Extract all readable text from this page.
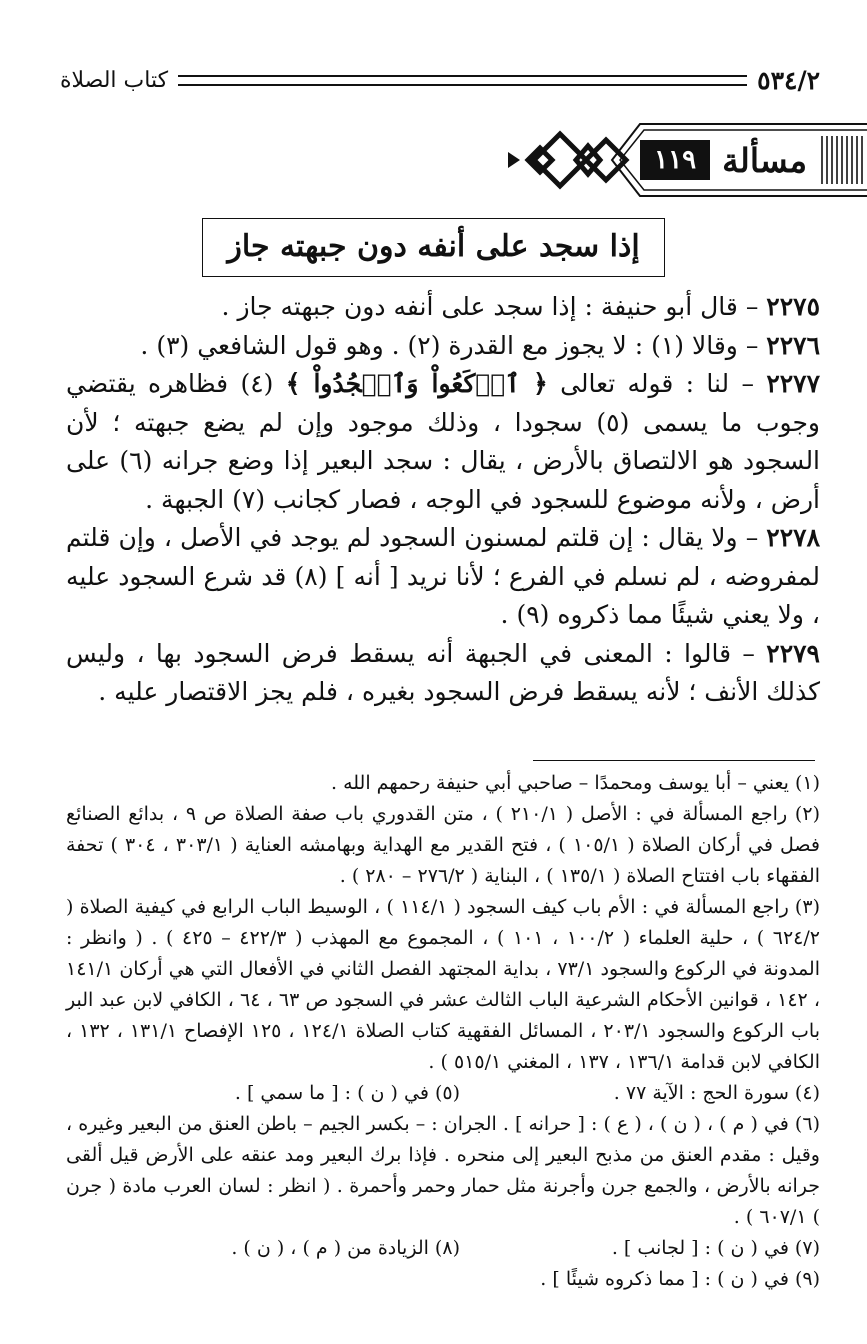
٥٣٤/٢
كتاب الصلاة
مسألة
١١٩
إذا سجد على أنفه دون جبهته جاز

٢٢٧٥ – قال أبو حنيفة : إذا سجد على أنفه دون جبهته جاز .

٢٢٧٦ – وقالا (١) : لا يجوز مع القدرة (٢) . وهو قول الشافعي (٣) .

٢٢٧٧ – لنا : قوله تعالى ﴿ ٱرۡكَعُواْ وَٱسۡجُدُواْ ﴾ (٤) فظاهره يقتضي وجوب ما يسمى (٥) سجودا ، وذلك موجود وإن لم يضع جبهته ؛ لأن السجود هو الالتصاق بالأرض ، يقال : سجد البعير إذا وضع جرانه (٦) على أرض ، ولأنه موضوع للسجود في الوجه ، فصار كجانب (٧) الجبهة .

٢٢٧٨ – ولا يقال : إن قلتم لمسنون السجود لم يوجد في الأصل ، وإن قلتم لمفروضه ، لم نسلم في الفرع ؛ لأنا نريد [ أنه ] (٨) قد شرع السجود عليه ، ولا يعني شيئًا مما ذكروه (٩) .

٢٢٧٩ – قالوا : المعنى في الجبهة أنه يسقط فرض السجود بها ، وليس كذلك الأنف ؛ لأنه يسقط فرض السجود بغيره ، فلم يجز الاقتصار عليه .

(١) يعني – أبا يوسف ومحمدًا – صاحبي أبي حنيفة رحمهم الله .

(٢) راجع المسألة في : الأصل ( ٢١٠/١ ) ، متن القدوري باب صفة الصلاة ص ٩ ، بدائع الصنائع فصل في أركان الصلاة ( ١٠٥/١ ) ، فتح القدير مع الهداية وبهامشه العناية ( ٣٠٣/١ ، ٣٠٤ ) تحفة الفقهاء باب افتتاح الصلاة ( ١٣٥/١ ) ، البناية ( ٢٧٦/٢ – ٢٨٠ ) .

(٣) راجع المسألة في : الأم باب كيف السجود ( ١١٤/١ ) ، الوسيط الباب الرابع في كيفية الصلاة ( ٦٢٤/٢ ) ، حلية العلماء ( ١٠٠/٢ ، ١٠١ ) ، المجموع مع المهذب ( ٤٢٢/٣ – ٤٢٥ ) . ( وانظر : المدونة في الركوع والسجود ٧٣/١ ، بداية المجتهد الفصل الثاني في الأفعال التي هي أركان ١٤١/١ ، ١٤٢ ، قوانين الأحكام الشرعية الباب الثالث عشر في السجود ص ٦٣ ، ٦٤ ، الكافي لابن عبد البر باب الركوع والسجود ٢٠٣/١ ، المسائل الفقهية كتاب الصلاة ١٢٤/١ ، ١٢٥ الإفصاح ١٣١/١ ، ١٣٢ ، الكافي لابن قدامة ١٣٦/١ ، ١٣٧ ، المغني ٥١٥/١ ) .

(٤) سورة الحج : الآية ٧٧ .
(٥) في ( ن ) : [ ما سمي ] .

(٦) في ( م ) ، ( ن ) ، ( ع ) : [ حرانه ] . الجران : – بكسر الجيم – باطن العنق من البعير وغيره ، وقيل : مقدم العنق من مذبح البعير إلى منحره . فإذا برك البعير ومد عنقه على الأرض قيل ألقى جرانه بالأرض ، والجمع جرن وأجرنة مثل حمار وحمر وأحمرة . ( انظر : لسان العرب مادة ( جرن ) ٦٠٧/١ ) .

(٧) في ( ن ) : [ لجانب ] .
(٨) الزيادة من ( م ) ، ( ن ) .

(٩) في ( ن ) : [ مما ذكروه شيئًا ] .
